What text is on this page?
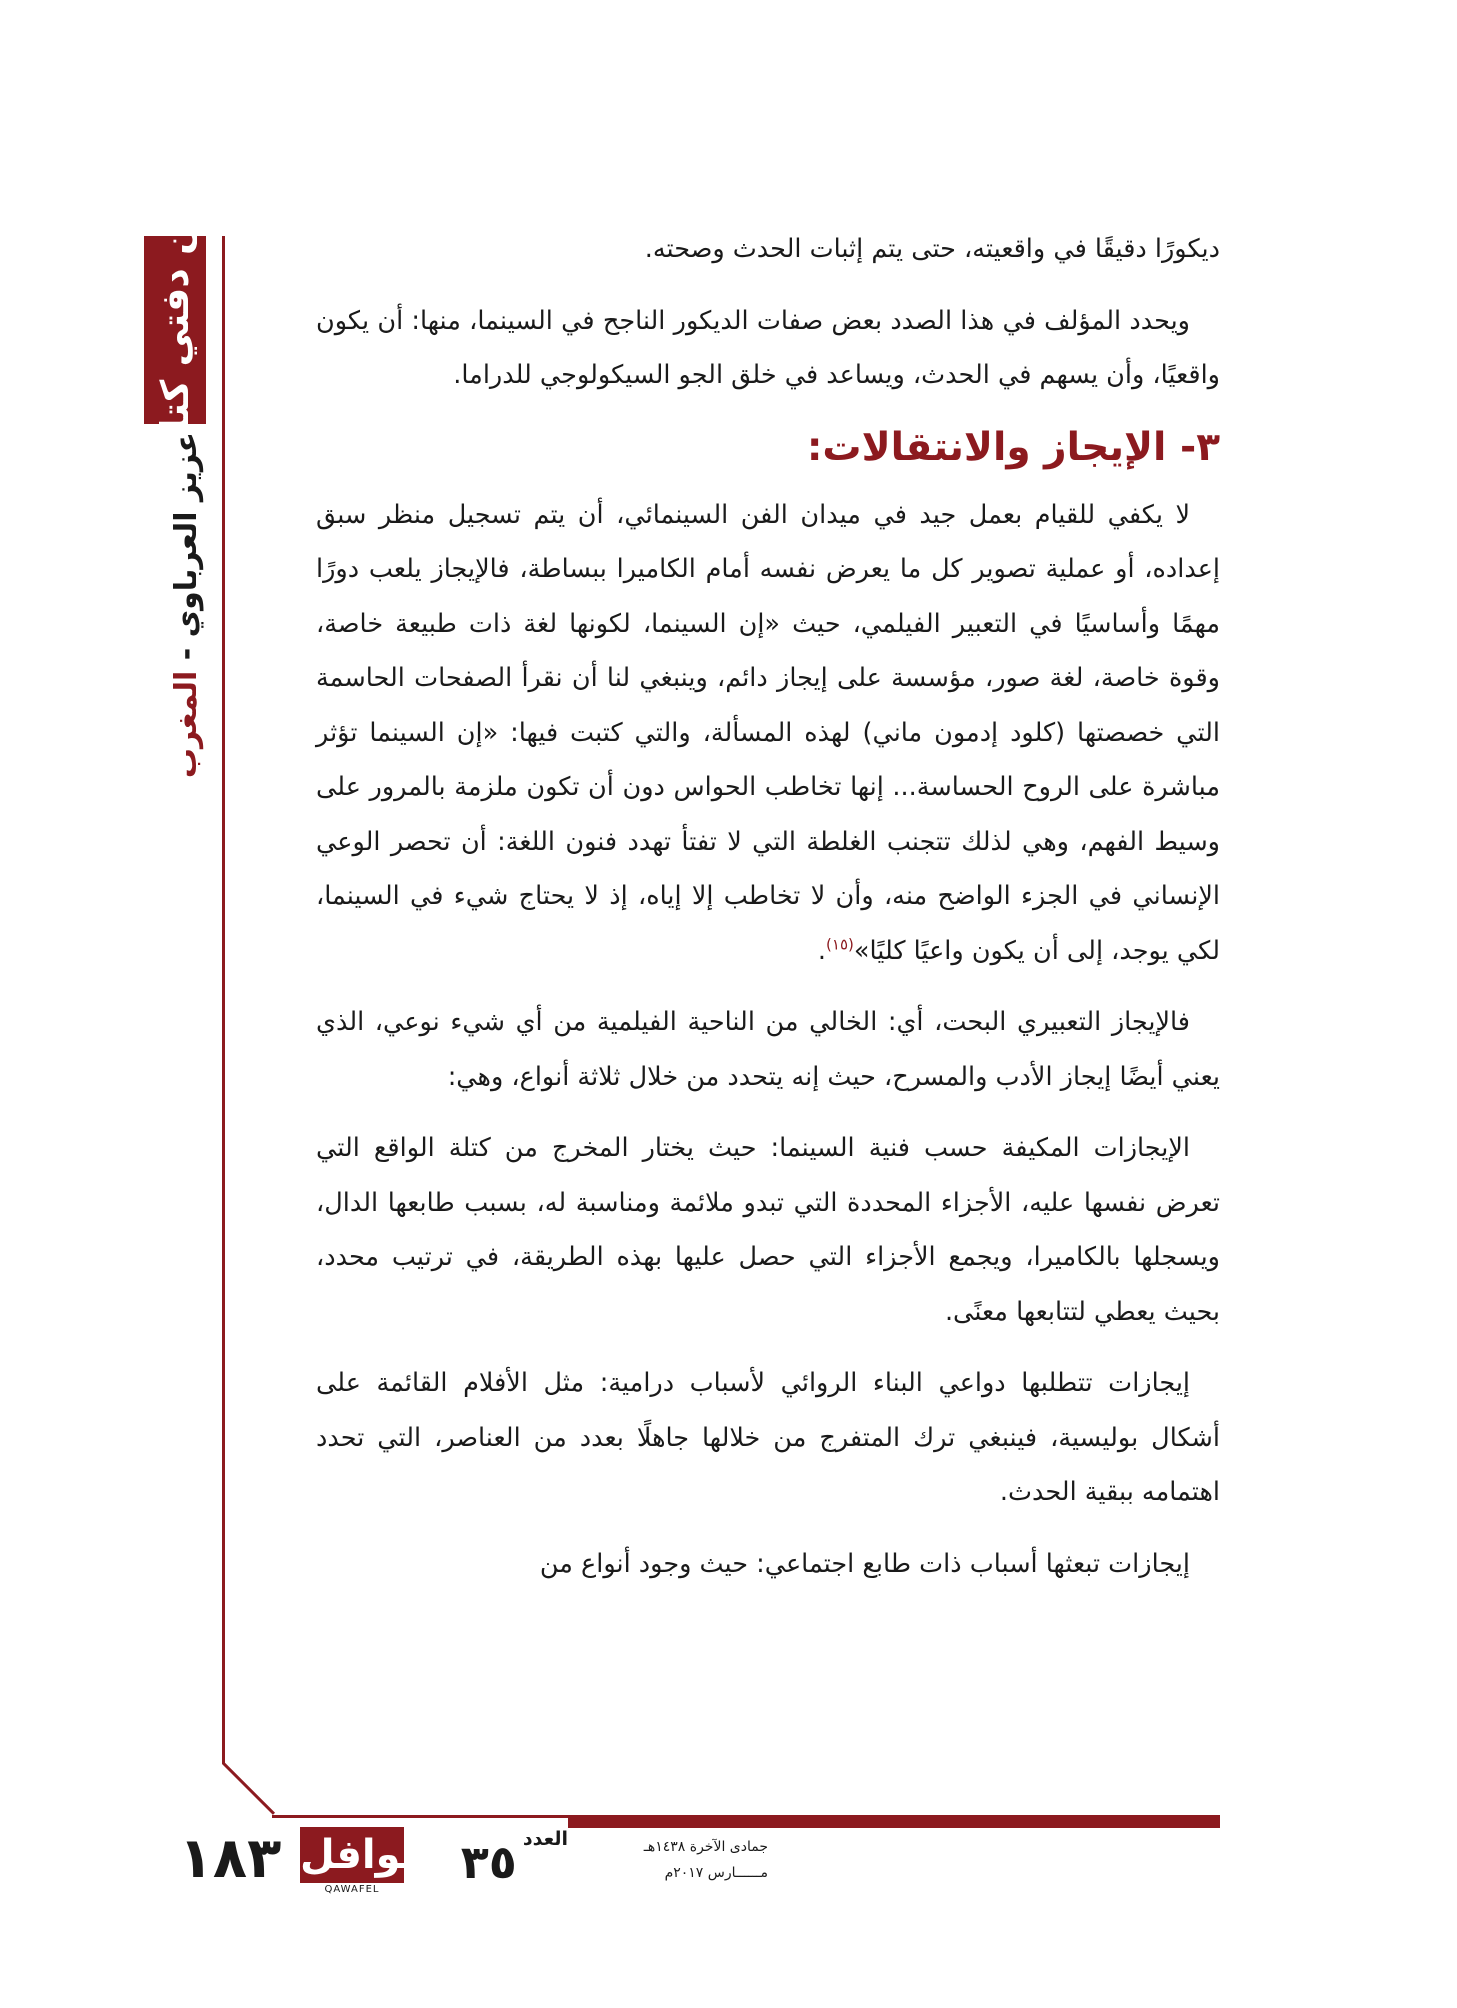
بين دفتي كتاب
عزيز العرباوي - المغرب

ديكورًا دقيقًا في واقعيته، حتى يتم إثبات الحدث وصحته.

ويحدد المؤلف في هذا الصدد بعض صفات الديكور الناجح في السينما، منها: أن يكون واقعيًا، وأن يسهم في الحدث، ويساعد في خلق الجو السيكولوجي للدراما.

٣- الإيجاز والانتقالات:

لا يكفي للقيام بعمل جيد في ميدان الفن السينمائي، أن يتم تسجيل منظر سبق إعداده، أو عملية تصوير كل ما يعرض نفسه أمام الكاميرا ببساطة، فالإيجاز يلعب دورًا مهمًا وأساسيًا في التعبير الفيلمي، حيث «إن السينما، لكونها لغة ذات طبيعة خاصة، وقوة خاصة، لغة صور، مؤسسة على إيجاز دائم، وينبغي لنا أن نقرأ الصفحات الحاسمة التي خصصتها (كلود إدمون ماني) لهذه المسألة، والتي كتبت فيها: «إن السينما تؤثر مباشرة على الروح الحساسة... إنها تخاطب الحواس دون أن تكون ملزمة بالمرور على وسيط الفهم، وهي لذلك تتجنب الغلطة التي لا تفتأ تهدد فنون اللغة: أن تحصر الوعي الإنساني في الجزء الواضح منه، وأن لا تخاطب إلا إياه، إذ لا يحتاج شيء في السينما، لكي يوجد، إلى أن يكون واعيًا كليًا»$^{(١٥)}$.

فالإيجاز التعبيري البحت، أي: الخالي من الناحية الفيلمية من أي شيء نوعي، الذي يعني أيضًا إيجاز الأدب والمسرح، حيث إنه يتحدد من خلال ثلاثة أنواع، وهي:

الإيجازات المكيفة حسب فنية السينما: حيث يختار المخرج من كتلة الواقع التي تعرض نفسها عليه، الأجزاء المحددة التي تبدو ملائمة ومناسبة له، بسبب طابعها الدال، ويسجلها بالكاميرا، ويجمع الأجزاء التي حصل عليها بهذه الطريقة، في ترتيب محدد، بحيث يعطي لتتابعها معنًى.

إيجازات تتطلبها دواعي البناء الروائي لأسباب درامية: مثل الأفلام القائمة على أشكال بوليسية، فينبغي ترك المتفرج من خلالها جاهلًا بعدد من العناصر، التي تحدد اهتمامه ببقية الحدث.

إيجازات تبعثها أسباب ذات طابع اجتماعي: حيث وجود أنواع من

١٨٣ قوافل
QAWAFEL
العدد
٣٥	جمادى الآخرة ١٤٣٨هـ
مــــــارس ٢٠١٧م
